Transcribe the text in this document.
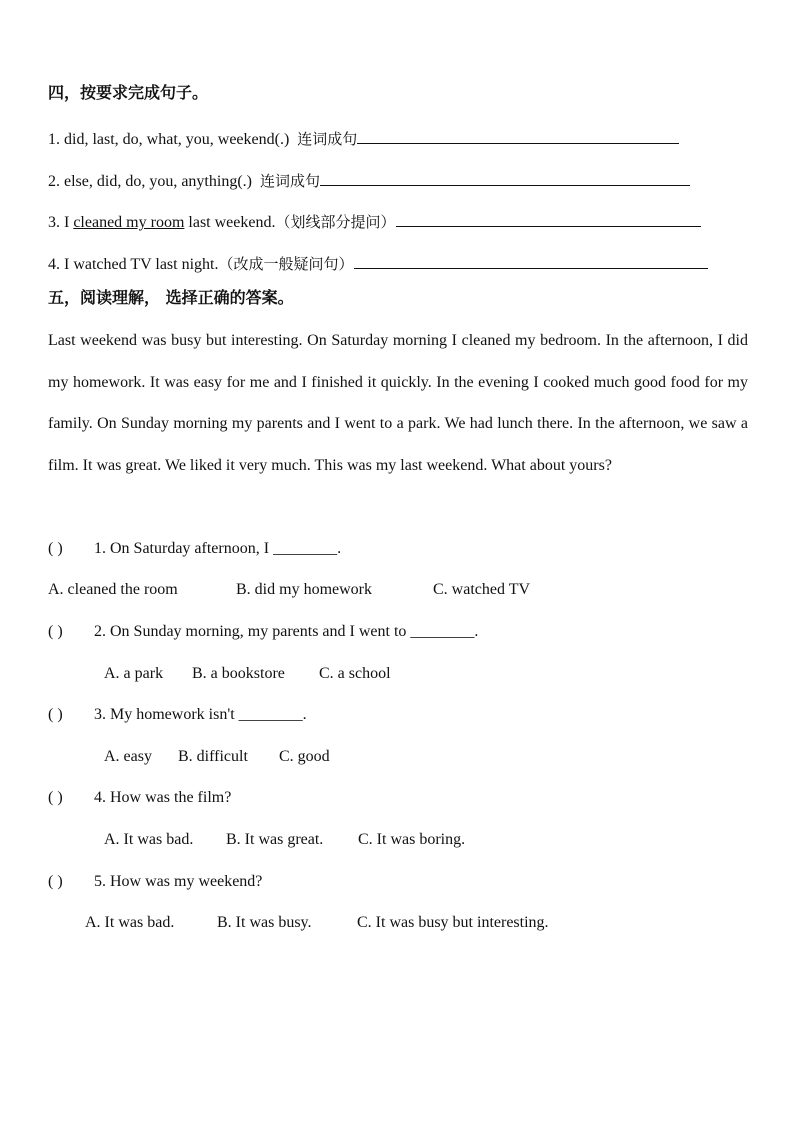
四，按要求完成句子。
1. did, last, do, what, you, weekend(.) 连词成句
2. else, did, do, you, anything(.) 连词成句
3. I cleaned my room last weekend.（划线部分提问）
4. I watched TV last night.（改成一般疑问句）
五，阅读理解， 选择正确的答案。
Last weekend was busy but interesting. On Saturday morning I cleaned my bedroom. In the afternoon, I did my homework. It was easy for me and I finished it quickly. In the evening I cooked much good food for my family. On Sunday morning my parents and I went to a park. We had lunch there. In the afternoon, we saw a film. It was great. We liked it very much. This was my last weekend. What about yours?
( ) 1. On Saturday afternoon, I ________.
A. cleaned the room	B. did my homework	C. watched TV
( ) 2. On Sunday morning, my parents and I went to ________.
A. a park B. a bookstore C. a school
( ) 3. My homework isn't ________.
A. easy B. difficult C. good
( ) 4. How was the film?
A. It was bad. B. It was great. C. It was boring.
( ) 5. How was my weekend?
A. It was bad.	B. It was busy.	C. It was busy but interesting.
